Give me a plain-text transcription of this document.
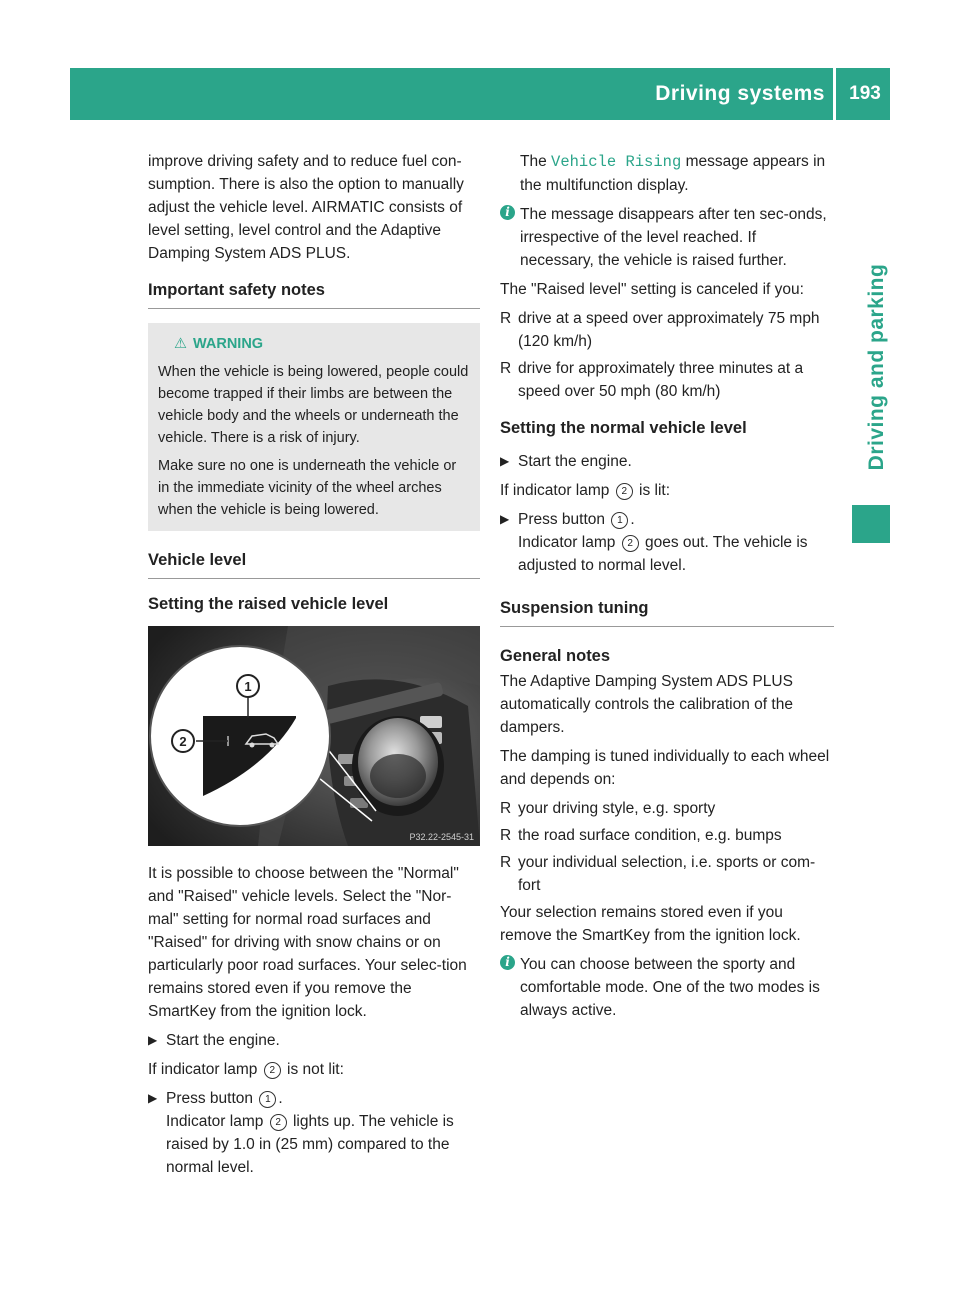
Driving systems	193
Driving and parking

improve driving safety and to reduce fuel con-sumption. There is also the option to manually adjust the vehicle level. AIRMATIC consists of level setting, level control and the Adaptive Damping System ADS PLUS.

Important safety notes
⚠ WARNING

When the vehicle is being lowered, people could become trapped if their limbs are between the vehicle body and the wheels or underneath the vehicle. There is a risk of injury.

Make sure no one is underneath the vehicle or in the immediate vicinity of the wheel arches when the vehicle is being lowered.

Vehicle level
Setting the raised vehicle level
1
2
P32.22-2545-31

It is possible to choose between the "Normal" and "Raised" vehicle levels. Select the "Nor-mal" setting for normal road surfaces and "Raised" for driving with snow chains or on particularly poor road surfaces. Your selec-tion remains stored even if you remove the SmartKey from the ignition lock.

▶ Start the engine.

If indicator lamp 2 is not lit:

▶ Press button 1 .
Indicator lamp 2 lights up. The vehicle is raised by 1.0 in (25 mm) compared to the normal level.

The Vehicle Rising message appears in the multifunction display.

i The message disappears after ten sec-onds, irrespective of the level reached. If necessary, the vehicle is raised further.

The "Raised level" setting is canceled if you:

R drive at a speed over approximately 75 mph (120 km/h)
R drive for approximately three minutes at a speed over 50 mph (80 km/h)
Setting the normal vehicle level
▶ Start the engine.

If indicator lamp 2 is lit:

▶ Press button 1 .
Indicator lamp 2 goes out. The vehicle is adjusted to normal level.
Suspension tuning
General notes

The Adaptive Damping System ADS PLUS automatically controls the calibration of the dampers.

The damping is tuned individually to each wheel and depends on:

R your driving style, e.g. sporty
R the road surface condition, e.g. bumps
R your individual selection, i.e. sports or com-fort

Your selection remains stored even if you remove the SmartKey from the ignition lock.

i You can choose between the sporty and comfortable mode. One of the two modes is always active.
